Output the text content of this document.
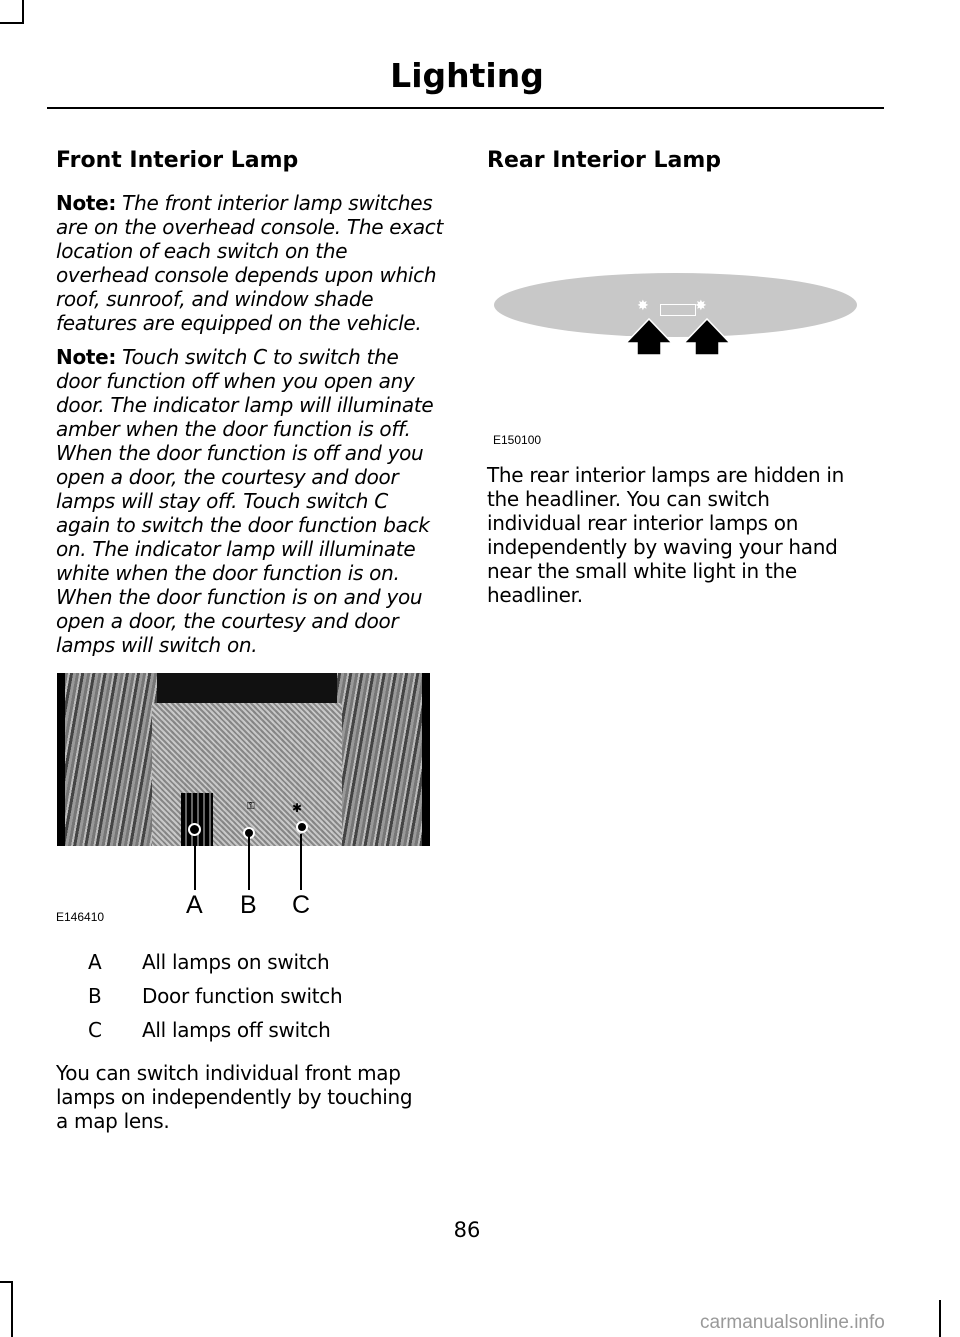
Lighting
Front Interior Lamp
Note: The front interior lamp switches
are on the overhead console. The exact
location of each switch on the
overhead console depends upon which
roof, sunroof, and window shade
features are equipped on the vehicle.
Note: Touch switch C to switch the
door function off when you open any
door. The indicator lamp will illuminate
amber when the door function is off.
When the door function is off and you
open a door, the courtesy and door
lamps will stay off. Touch switch C
again to switch the door function back
on. The indicator lamp will illuminate
white when the door function is on.
When the door function is on and you
open a door, the courtesy and door
lamps will switch on.
⚿	✱
A B C
E146410
A All lamps on switch
B Door function switch
C All lamps off switch
You can switch individual front map
lamps on independently by touching
a map lens.
Rear Interior Lamp
✸	✸
E150100
The rear interior lamps are hidden in
the headliner. You can switch
individual rear interior lamps on
independently by waving your hand
near the small white light in the
headliner.
86
carmanualsonline.info
